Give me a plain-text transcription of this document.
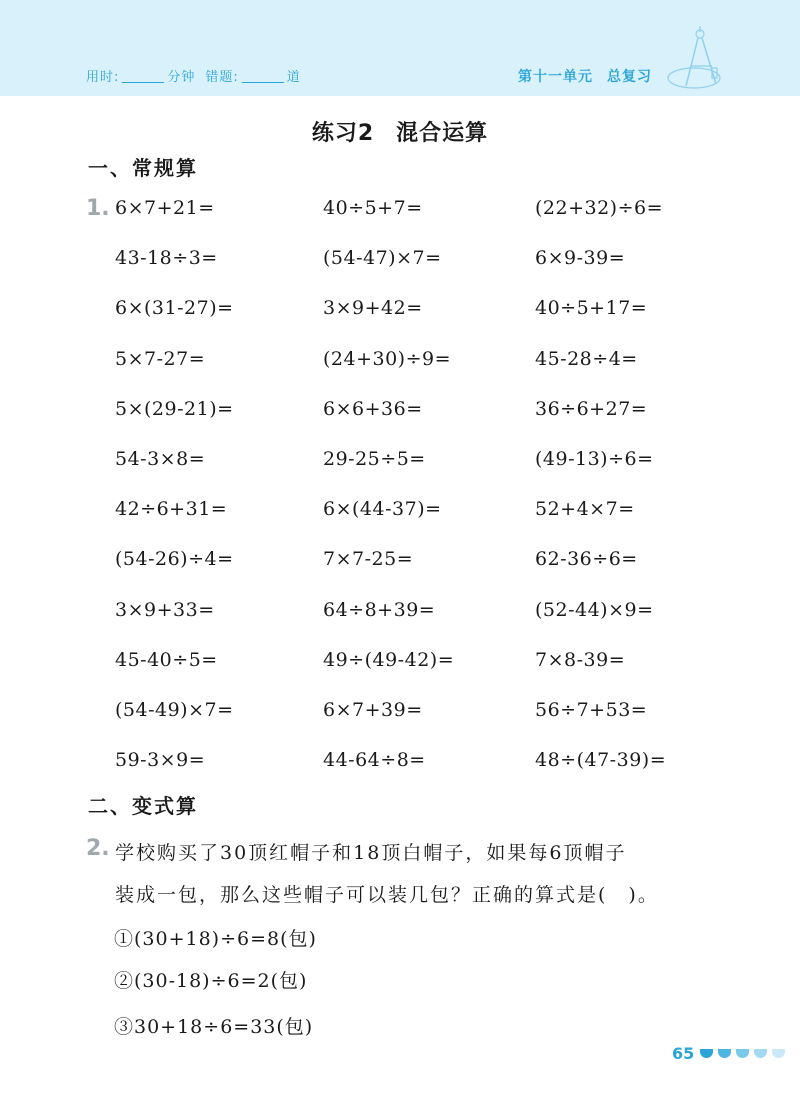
用时:	分钟 错题:	道	第十一单元 总复习
练习2 混合运算
一、常规算
1. 6×7+21=	40÷5+7=	(22+32)÷6=
43-18÷3=	(54-47)×7=	6×9-39=
6×(31-27)=	3×9+42=	40÷5+17=
5×7-27=	(24+30)÷9=	45-28÷4=
5×(29-21)=	6×6+36=	36÷6+27=
54-3×8=	29-25÷5=	(49-13)÷6=
42÷6+31=	6×(44-37)=	52+4×7=
(54-26)÷4=	7×7-25=	62-36÷6=
3×9+33=	64÷8+39=	(52-44)×9=
45-40÷5=	49÷(49-42)=	7×8-39=
(54-49)×7=	6×7+39=	56÷7+53=
59-3×9=	44-64÷8=	48÷(47-39)=
二、变式算
2. 学校购买了30顶红帽子和18顶白帽子，如果每6顶帽子
装成一包，那么这些帽子可以装几包？正确的算式是(　)。
①(30+18)÷6=8(包)
②(30-18)÷6=2(包)
③30+18÷6=33(包)
65
